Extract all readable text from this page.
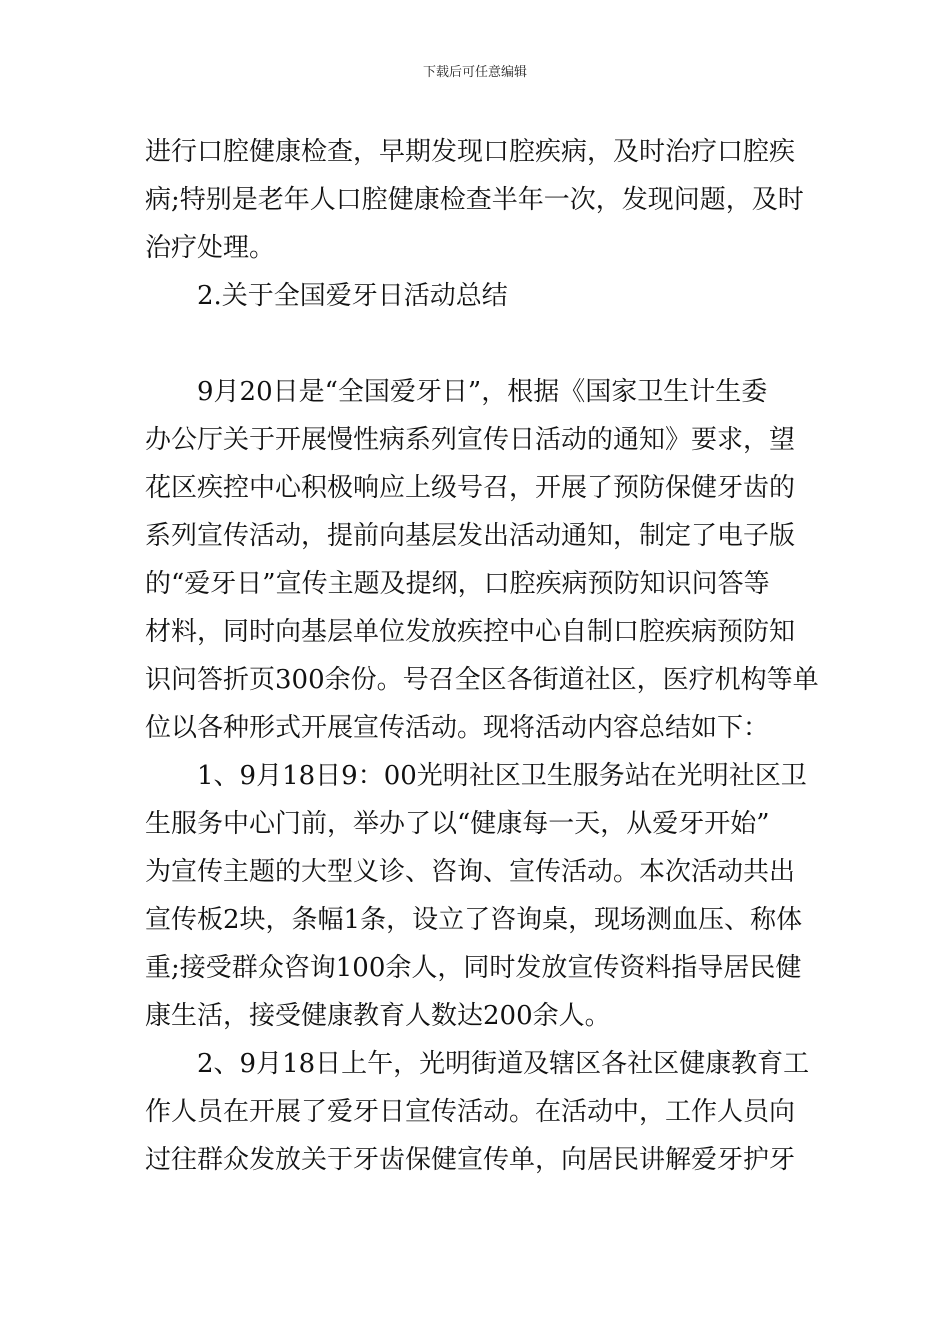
下载后可任意编辑
进行口腔健康检查，早期发现口腔疾病，及时治疗口腔疾
病;特别是老年人口腔健康检查半年一次，发现问题，及时
治疗处理。
2.关于全国爱牙日活动总结
9月20日是“全国爱牙日”，根据《国家卫生计生委
办公厅关于开展慢性病系列宣传日活动的通知》要求，望
花区疾控中心积极响应上级号召，开展了预防保健牙齿的
系列宣传活动，提前向基层发出活动通知，制定了电子版
的“爱牙日”宣传主题及提纲，口腔疾病预防知识问答等
材料，同时向基层单位发放疾控中心自制口腔疾病预防知
识问答折页300余份。号召全区各街道社区，医疗机构等单
位以各种形式开展宣传活动。现将活动内容总结如下：
1、9月18日9：00光明社区卫生服务站在光明社区卫
生服务中心门前，举办了以“健康每一天，从爱牙开始”
为宣传主题的大型义诊、咨询、宣传活动。本次活动共出
宣传板2块，条幅1条，设立了咨询桌，现场测血压、称体
重;接受群众咨询100余人，同时发放宣传资料指导居民健
康生活，接受健康教育人数达200余人。
2、9月18日上午，光明街道及辖区各社区健康教育工
作人员在开展了爱牙日宣传活动。在活动中，工作人员向
过往群众发放关于牙齿保健宣传单，向居民讲解爱牙护牙
